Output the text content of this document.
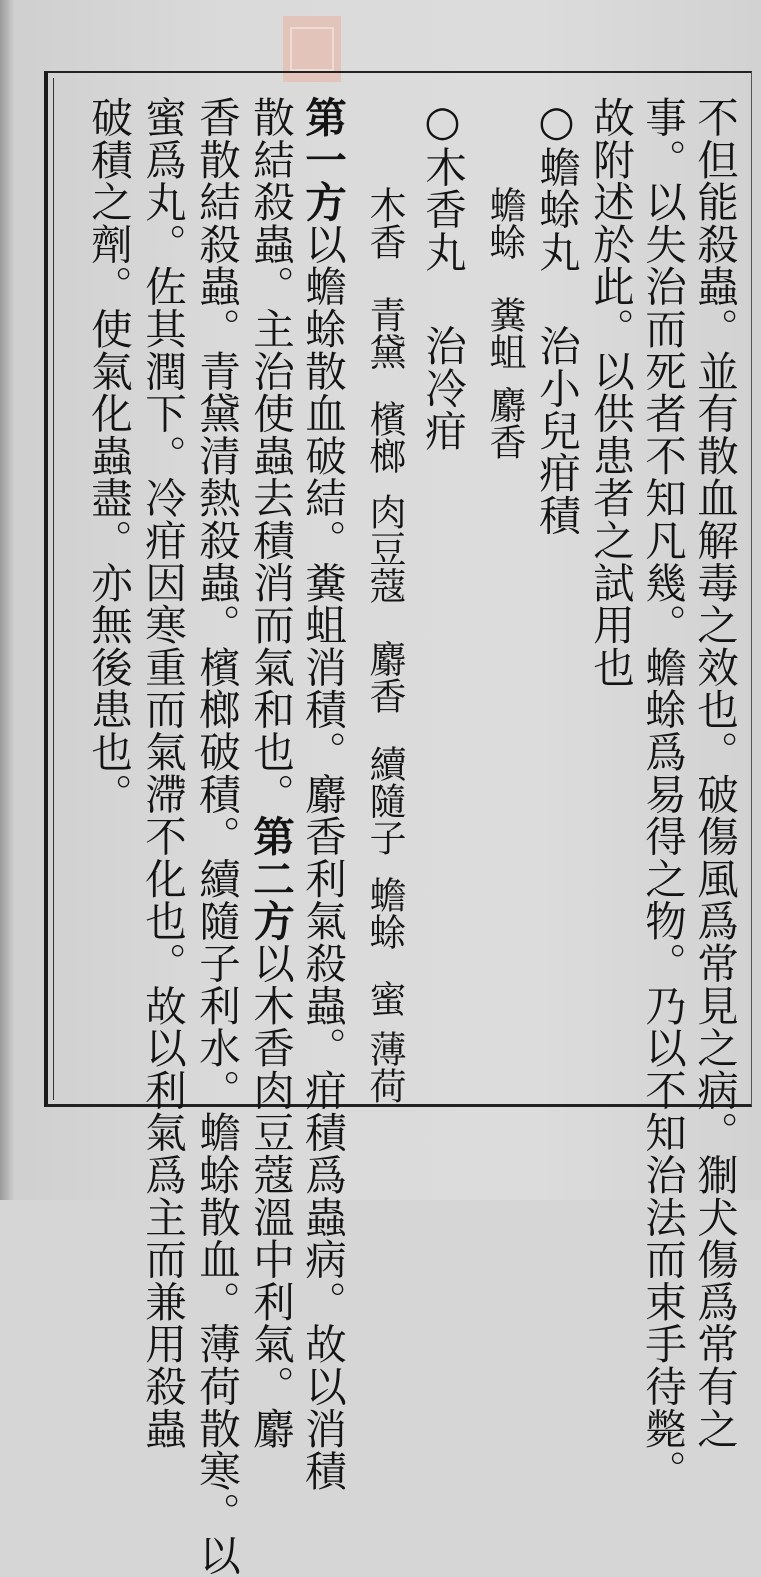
不但能殺蟲。並有散血解毒之效也。破傷風爲常見之病。猘犬傷爲常有之
事。以失治而死者不知凡幾。蟾蜍爲易得之物。乃以不知治法而束手待斃。
故附述於此。以供患者之試用也
○蟾蜍丸治小兒疳積
蟾蜍
糞蛆
麝香
○木香丸治冷疳
木香
青黛
檳榔
肉豆蔻
麝香
續隨子
蟾蜍
蜜
薄荷
第一方以蟾蜍散血破結。糞蛆消積。麝香利氣殺蟲。疳積爲蟲病。故以消積
散結殺蟲。主治使蟲去積消而氣和也。第二方以木香肉豆蔻溫中利氣。麝
香散結殺蟲。青黛清熱殺蟲。檳榔破積。續隨子利水。蟾蜍散血。薄荷散寒。以
蜜爲丸。佐其潤下。冷疳因寒重而氣滯不化也。故以利氣爲主而兼用殺蟲
破積之劑。使氣化蟲盡。亦無後患也。
